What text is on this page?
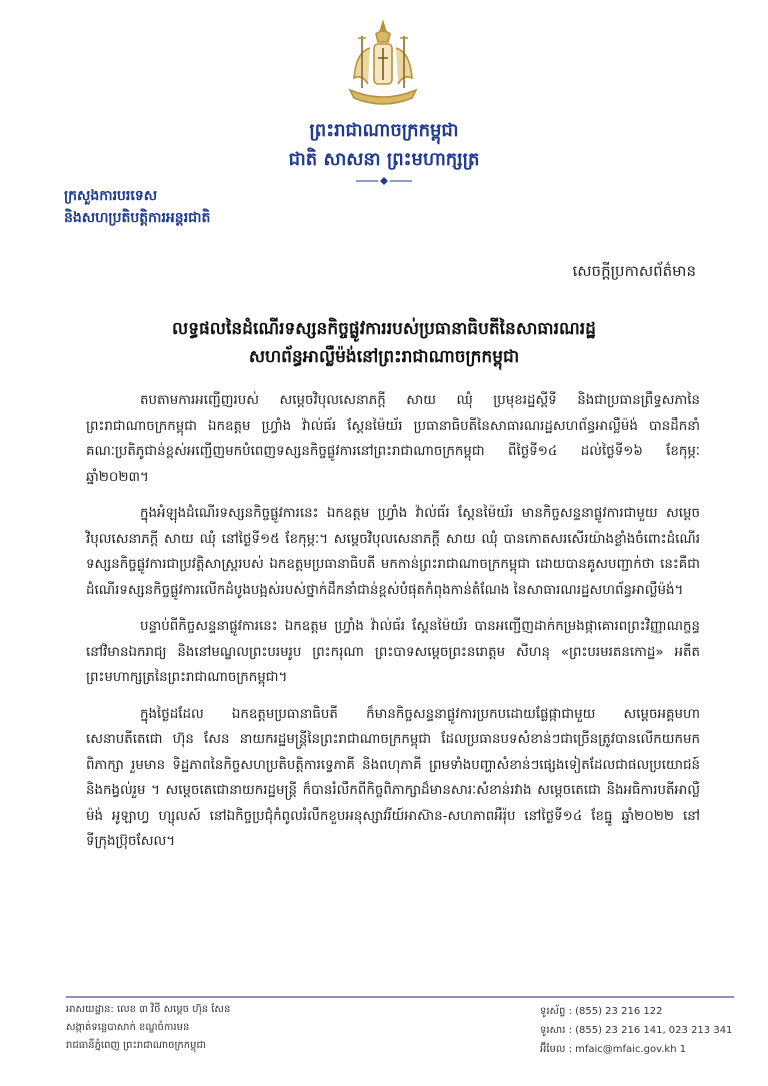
ព្រះរាជាណាចក្រកម្ពុជា
ជាតិ សាសនា ព្រះមហាក្សត្រ
ក្រសួងការបរទេស
និងសហប្រតិបត្តិការអន្តរជាតិ
សេចក្តីប្រកាសព័ត៌មាន
លទ្ធផលនៃដំណើរទស្សនកិច្ចផ្លូវការរបស់ប្រធានាធិបតីនៃសាធារណរដ្ឋ
សហព័ន្ធអាល្លឺម៉ង់នៅព្រះរាជាណាចក្រកម្ពុជា

តបតាមការអញ្ជើញរបស់ សម្តេចវិបុលសេនាភក្តី សាយ ឈុំ ប្រមុខរដ្ឋស្តីទី និងជាប្រធានព្រឹទ្ធសភានៃព្រះរាជាណាចក្រកម្ពុជា ឯកឧត្តម ហ្វ្រាំង វ៉ាល់ធ័រ ស្តែនម៉ៃយ័រ ប្រធានាធិបតីនៃសាធារណរដ្ឋសហព័ន្ធអាល្លឺម៉ង់ បានដឹកនាំគណៈប្រតិភូជាន់ខ្ពស់អញ្ជើញមកបំពេញទស្សនកិច្ចផ្លូវការនៅព្រះរាជាណាចក្រកម្ពុជា ពីថ្ងៃទី១៤ ដល់ថ្ងៃទី១៦ ខែកុម្ភៈ ឆ្នាំ២០២៣។

ក្នុងអំឡុងដំណើរទស្សនកិច្ចផ្លូវការនេះ ឯកឧត្តម ហ្វ្រាំង វ៉ាល់ធ័រ ស្តែនម៉ៃយ័រ មានកិច្ចសន្ទនាផ្លូវការជាមួយ សម្តេចវិបុលសេនាភក្តី សាយ ឈុំ នៅថ្ងៃទី១៥ ខែកុម្ភៈ។ សម្តេចវិបុលសេនាភក្តី សាយ ឈុំ បានកោតសរសើរយ៉ាងខ្លាំងចំពោះដំណើរទស្សនកិច្ចផ្លូវការជាប្រវត្តិសាស្ត្ររបស់ ឯកឧត្តមប្រធានាធិបតី មកកាន់ព្រះរាជាណាចក្រកម្ពុជា ដោយបានគូសបញ្ជាក់ថា នេះគឺជាដំណើរទស្សនកិច្ចផ្លូវការលើកដំបូងបង្អស់របស់ថ្នាក់ដឹកនាំជាន់ខ្ពស់បំផុតកំពុងកាន់តំណែង នៃសាធារណរដ្ឋសហព័ន្ធអាល្លឺម៉ង់។

បន្ទាប់ពីកិច្ចសន្ទនាផ្លូវការនេះ ឯកឧត្តម ហ្វ្រាំង វ៉ាល់ធ័រ ស្តែនម៉ៃយ័រ បានអញ្ជើញដាក់កម្រងផ្កាគោរពព្រះវិញ្ញាណក្ខន្ធនៅវិមានឯករាជ្យ និងនៅមណ្ឌលព្រះបរមរូប ព្រះករុណា ព្រះបាទសម្តេចព្រះនរោត្តម សីហនុ «ព្រះបរមរតនកោដ្ឋ» អតីតព្រះមហាក្សត្រនៃព្រះរាជាណាចក្រកម្ពុជា។

ក្នុងថ្ងៃដដែល ឯកឧត្តមប្រធានាធិបតី ក៏មានកិច្ចសន្ទនាផ្លូវការប្រកបដោយផ្លែផ្កាជាមួយ សម្តេចអគ្គមហាសេនាបតីតេជោ ហ៊ុន សែន នាយករដ្ឋមន្ត្រីនៃព្រះរាជាណាចក្រកម្ពុជា ដែលប្រធានបទសំខាន់ៗជាច្រើនត្រូវបានលើកយកមកពិភាក្សា រួមមាន ទិដ្ឋភាពនៃកិច្ចសហប្រតិបត្តិការទ្វេភាគី និងពហុភាគី ព្រមទាំងបញ្ហាសំខាន់ៗផ្សេងទៀតដែលជាផលប្រយោជន៍ និងកង្វល់រួម ។ សម្តេចតេជោនាយករដ្ឋមន្ត្រី ក៏បានរំលឹកពីកិច្ចពិភាក្សាដ៏មានសារៈសំខាន់រវាង សម្តេចតេជោ និងអធិការបតីអាល្លឺម៉ង់ អូឡាហ្វ ហ្សុលស៍ នៅឯកិច្ចប្រជុំកំពូលរំលឹកខួបអនុស្សាវរីយ៍អាស៊ាន-សហភាពអឺរ៉ុប នៅថ្ងៃទី១៤ ខែធ្នូ ឆ្នាំ២០២២ នៅទីក្រុងប្រ៊ុចសែល។

អាសយដ្ឋាន: លេខ ៣ វិថី សម្តេច ហ៊ុន សែន
សង្កាត់ទន្លេបាសាក់ ខណ្ឌចំការមន
រាជធានីភ្នំពេញ ព្រះរាជាណាចក្រកម្ពុជា
ទូរស័ព្ទ : (855) 23 216 122
ទូរសារ : (855) 23 216 141, 023 213 341
អ៊ីមែល : mfaic@mfaic.gov.kh 1
